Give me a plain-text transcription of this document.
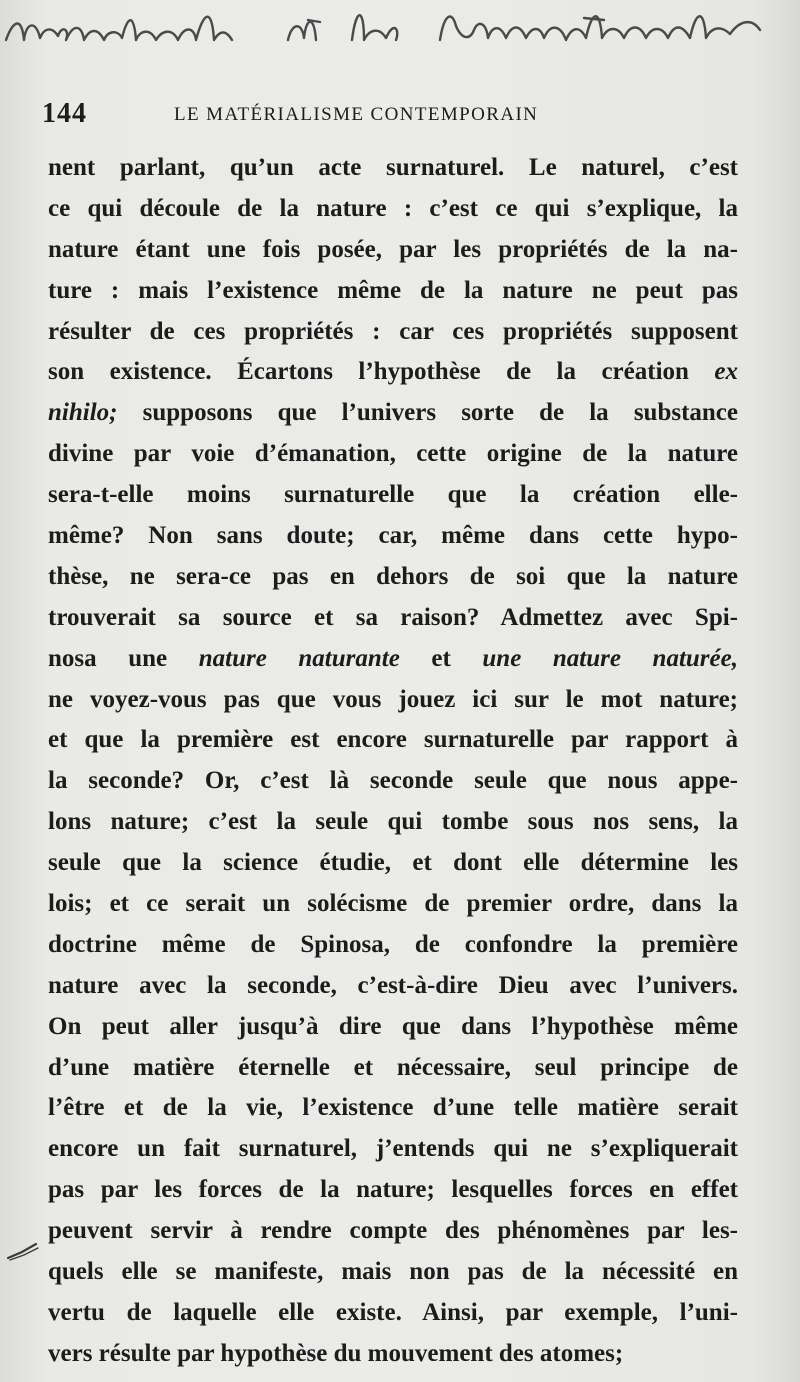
144	LE MATÉRIALISME CONTEMPORAIN
nent parlant, qu’un acte surnaturel. Le naturel, c’est
ce qui découle de la nature : c’est ce qui s’explique, la
nature étant une fois posée, par les propriétés de la na-
ture : mais l’existence même de la nature ne peut pas
résulter de ces propriétés : car ces propriétés supposent
son existence. Écartons l’hypothèse de la création ex
nihilo; supposons que l’univers sorte de la substance
divine par voie d’émanation, cette origine de la nature
sera-t-elle moins surnaturelle que la création elle-
même? Non sans doute; car, même dans cette hypo-
thèse, ne sera-ce pas en dehors de soi que la nature
trouverait sa source et sa raison? Admettez avec Spi-
nosa une nature naturante et une nature naturée,
ne voyez-vous pas que vous jouez ici sur le mot nature;
et que la première est encore surnaturelle par rapport à
la seconde? Or, c’est là seconde seule que nous appe-
lons nature; c’est la seule qui tombe sous nos sens, la
seule que la science étudie, et dont elle détermine les
lois; et ce serait un solécisme de premier ordre, dans la
doctrine même de Spinosa, de confondre la première
nature avec la seconde, c’est-à-dire Dieu avec l’univers.
On peut aller jusqu’à dire que dans l’hypothèse même
d’une matière éternelle et nécessaire, seul principe de
l’être et de la vie, l’existence d’une telle matière serait
encore un fait surnaturel, j’entends qui ne s’expliquerait
pas par les forces de la nature; lesquelles forces en effet
peuvent servir à rendre compte des phénomènes par les-
quels elle se manifeste, mais non pas de la nécessité en
vertu de laquelle elle existe. Ainsi, par exemple, l’uni-
vers résulte par hypothèse du mouvement des atomes;
